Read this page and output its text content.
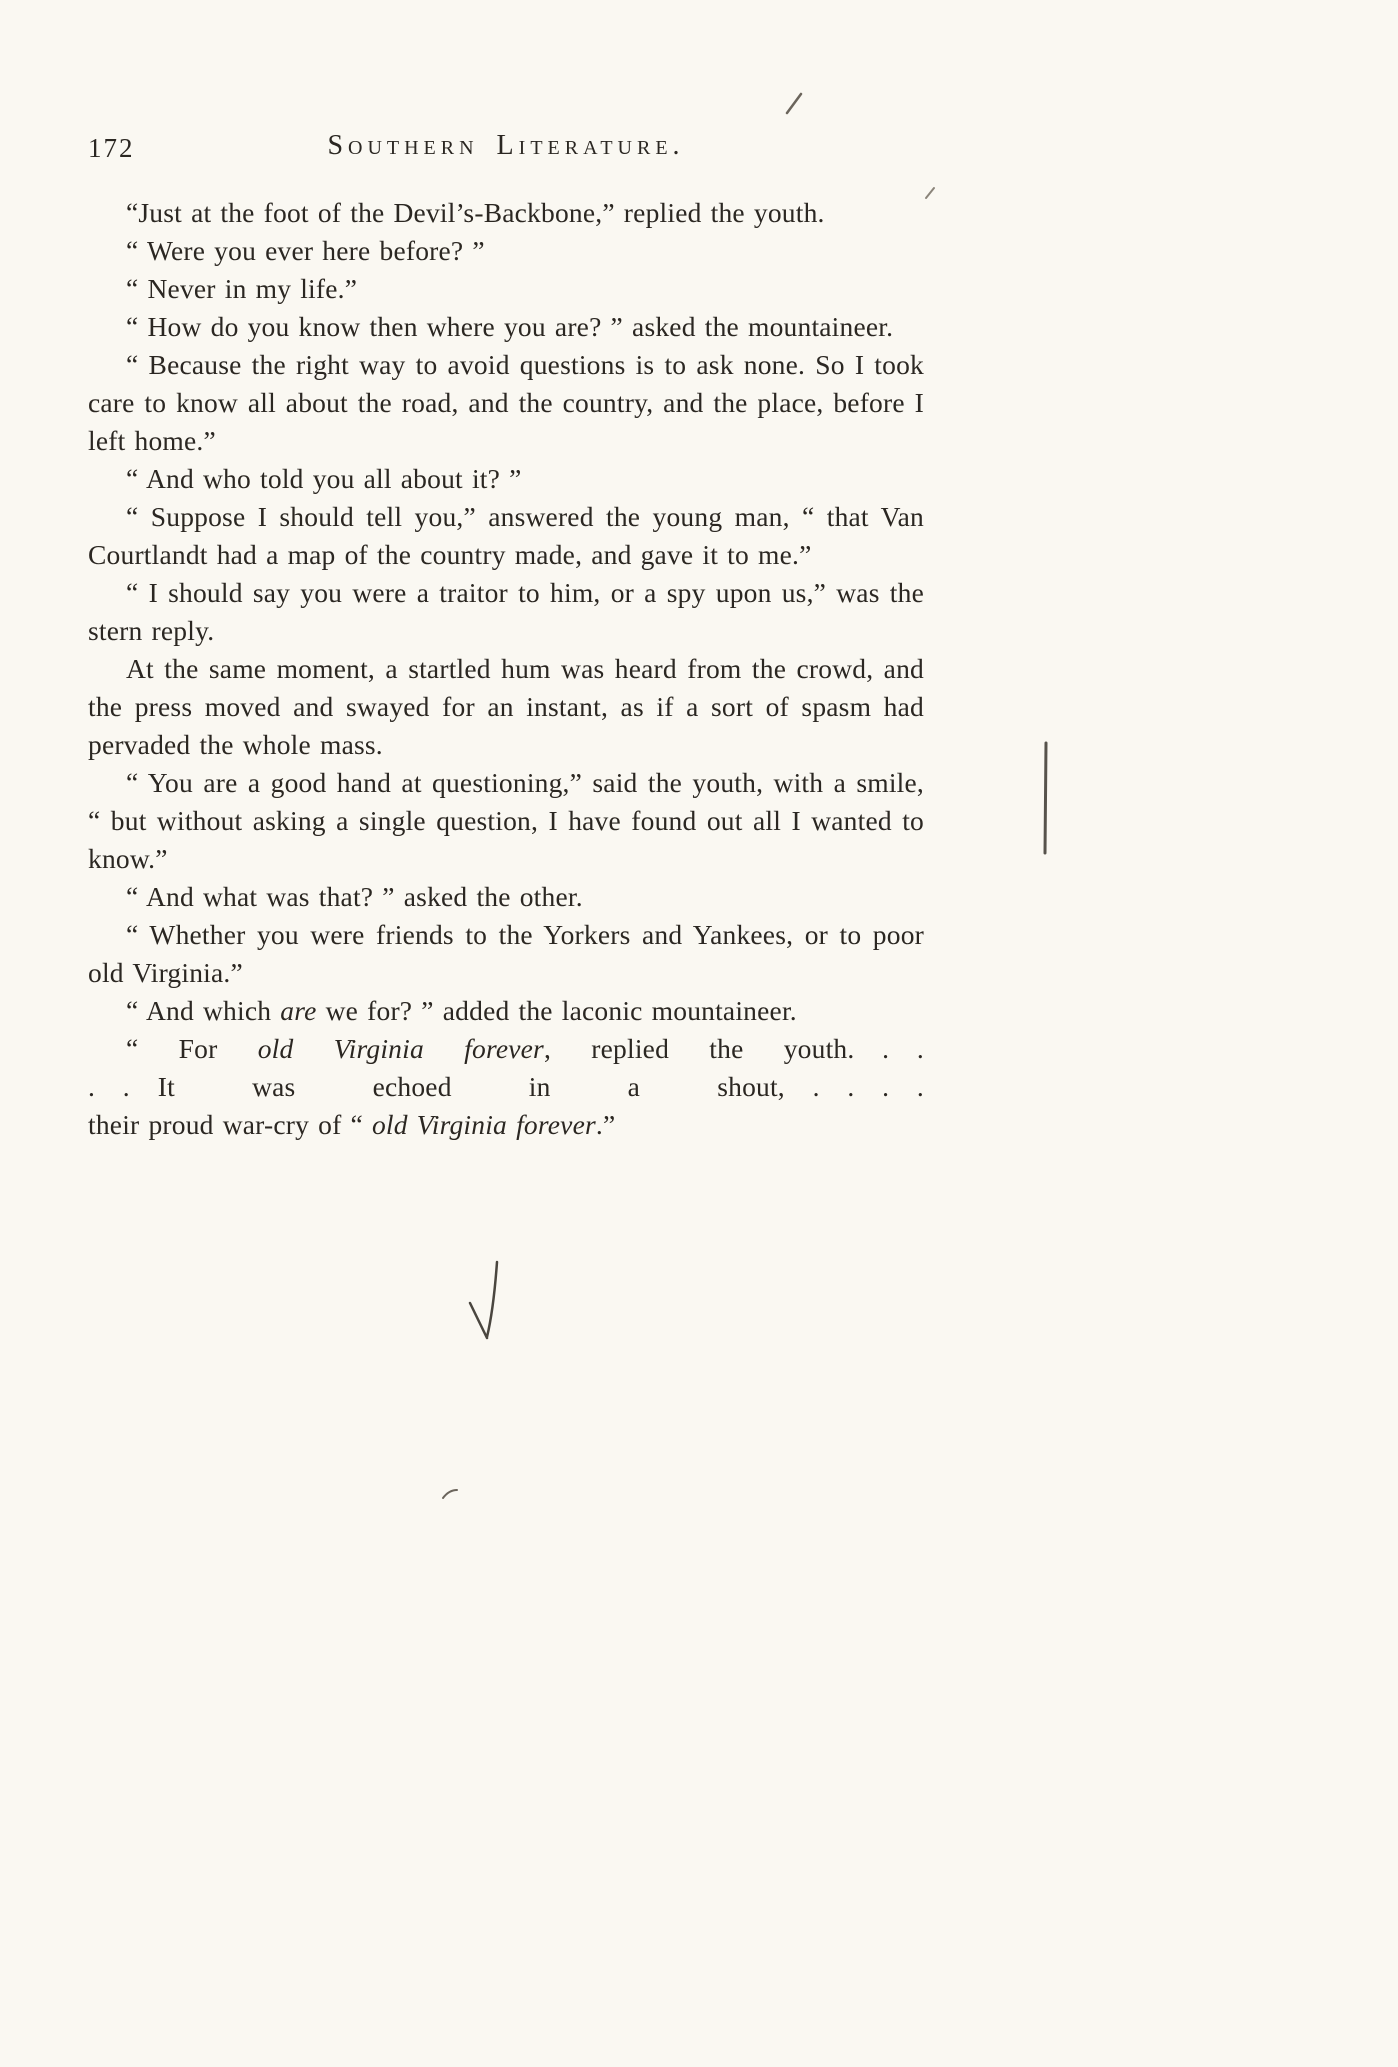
172	Southern Literature.

“Just at the foot of the Devil’s-Backbone,” replied the youth.

“ Were you ever here before? ”

“ Never in my life.”

“ How do you know then where you are? ” asked the mountaineer.

“ Because the right way to avoid questions is to ask none. So I took care to know all about the road, and the country, and the place, before I left home.”

“ And who told you all about it? ”

“ Suppose I should tell you,” answered the young man, “ that Van Courtlandt had a map of the country made, and gave it to me.”

“ I should say you were a traitor to him, or a spy upon us,” was the stern reply.

At the same moment, a startled hum was heard from the crowd, and the press moved and swayed for an instant, as if a sort of spasm had pervaded the whole mass.

“ You are a good hand at questioning,” said the youth, with a smile, “ but without asking a single question, I have found out all I wanted to know.”

“ And what was that? ” asked the other.

“ Whether you were friends to the Yorkers and Yankees, or to poor old Virginia.”

“ And which are we for? ” added the laconic mountaineer.

“ For old Virginia forever, replied the youth. . .
. .  It was echoed in a shout, . . . .
their proud war-cry of “ old Virginia forever.”
